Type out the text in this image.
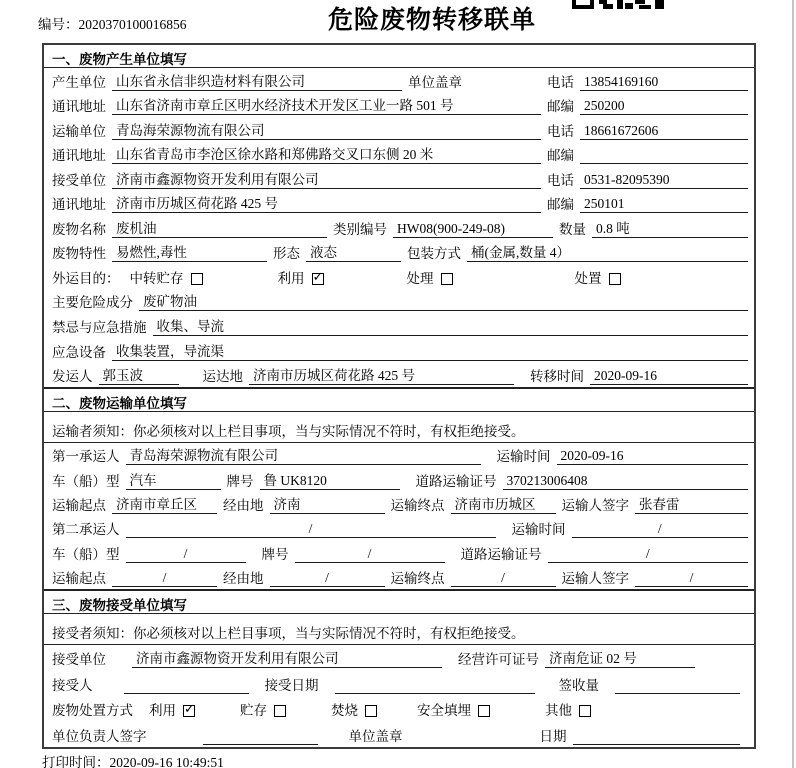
编号：2020370100016856	危险废物转移联单
一、废物产生单位填写
产生单位 山东省永信非织造材料有限公司	单位盖章	电话 13854169160
通讯地址 山东省济南市章丘区明水经济技术开发区工业一路 501 号	邮编 250200
运输单位 青岛海荣源物流有限公司	电话 18661672606
通讯地址 山东省青岛市李沧区徐水路和郑佛路交叉口东侧 20 米	邮编
接受单位 济南市鑫源物资开发利用有限公司	电话 0531-82095390
通讯地址 济南市历城区荷花路 425 号	邮编 250101
废物名称 废机油	类别编号 HW08(900-249-08)	数量 0.8 吨
废物特性 易燃性,毒性	形态 液态	包装方式 桶(金属,数量 4）
外运目的： 中转贮存	利用 ✓	处理	处置
主要危险成分 废矿物油
禁忌与应急措施 收集、导流
应急设备 收集装置，导流渠
发运人 郭玉波	运达地 济南市历城区荷花路 425 号	转移时间 2020-09-16
二、废物运输单位填写
运输者须知：你必须核对以上栏目事项，当与实际情况不符时，有权拒绝接受。
第一承运人 青岛海荣源物流有限公司	运输时间 2020-09-16
车（船）型 汽车	牌号 鲁 UK8120	道路运输证号 370213006408
运输起点 济南市章丘区	经由地 济南	运输终点 济南市历城区	运输人签字 张春雷
第二承运人	/	运输时间	/
车（船）型	/	牌号	/	道路运输证号	/
运输起点	/	经由地	/	运输终点	/	运输人签字	/
三、废物接受单位填写
接受者须知：你必须核对以上栏目事项，当与实际情况不符时，有权拒绝接受。
接受单位	济南市鑫源物资开发利用有限公司	经营许可证号 济南危证 02 号
接受人	接受日期	签收量
废物处置方式	利用 ✓	贮存	焚烧	安全填埋	其他
单位负责人签字	单位盖章	日期
打印时间：2020-09-16 10:49:51
